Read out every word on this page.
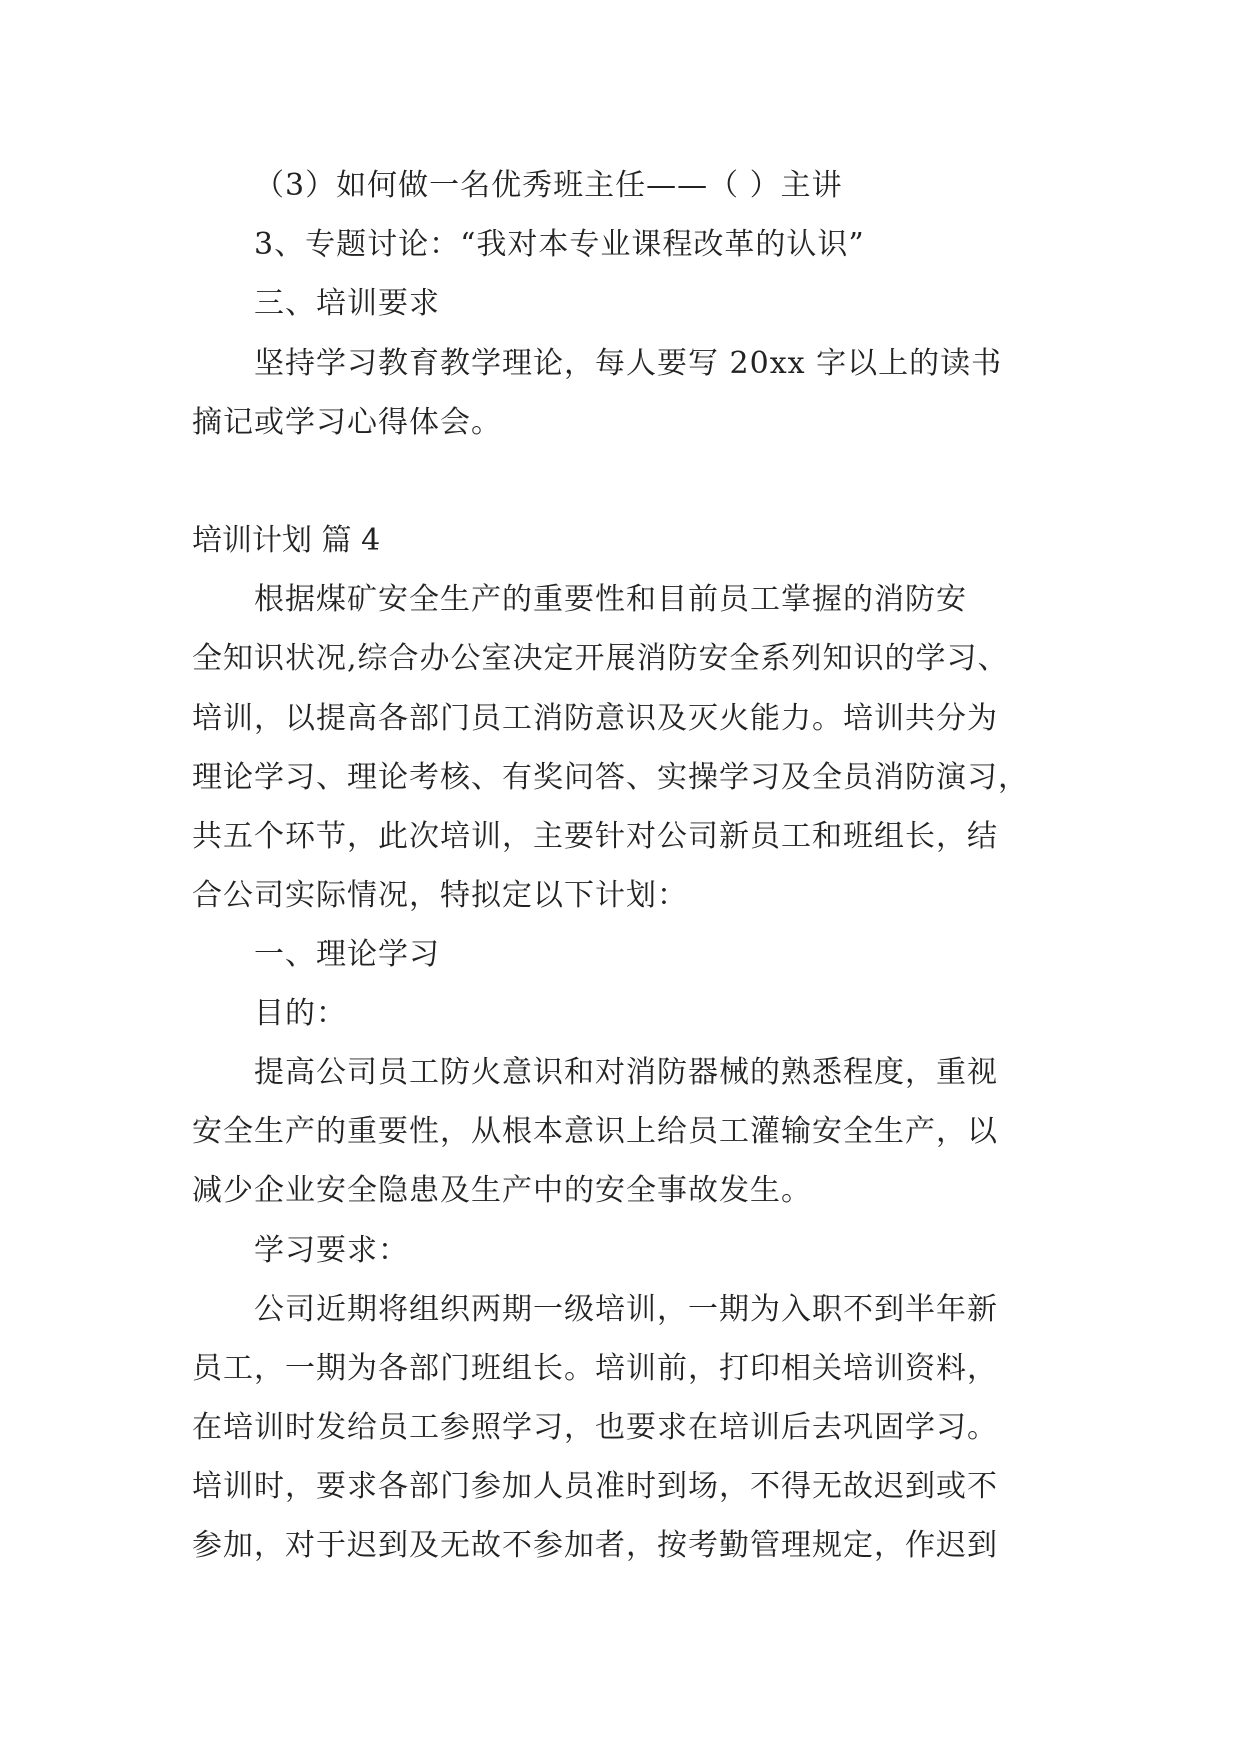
（3）如何做一名优秀班主任——（ ）主讲
3、专题讨论：“我对本专业课程改革的认识”
三、培训要求
坚持学习教育教学理论，每人要写 20xx 字以上的读书
摘记或学习心得体会。
培训计划 篇 4
根据煤矿安全生产的重要性和目前员工掌握的消防安
全知识状况,综合办公室决定开展消防安全系列知识的学习、
培训，以提高各部门员工消防意识及灭火能力。培训共分为
理论学习、理论考核、有奖问答、实操学习及全员消防演习，
共五个环节，此次培训，主要针对公司新员工和班组长，结
合公司实际情况，特拟定以下计划：
一、理论学习
目的：
提高公司员工防火意识和对消防器械的熟悉程度，重视
安全生产的重要性，从根本意识上给员工灌输安全生产，以
减少企业安全隐患及生产中的安全事故发生。
学习要求：
公司近期将组织两期一级培训，一期为入职不到半年新
员工，一期为各部门班组长。培训前，打印相关培训资料，
在培训时发给员工参照学习，也要求在培训后去巩固学习。
培训时，要求各部门参加人员准时到场，不得无故迟到或不
参加，对于迟到及无故不参加者，按考勤管理规定，作迟到
